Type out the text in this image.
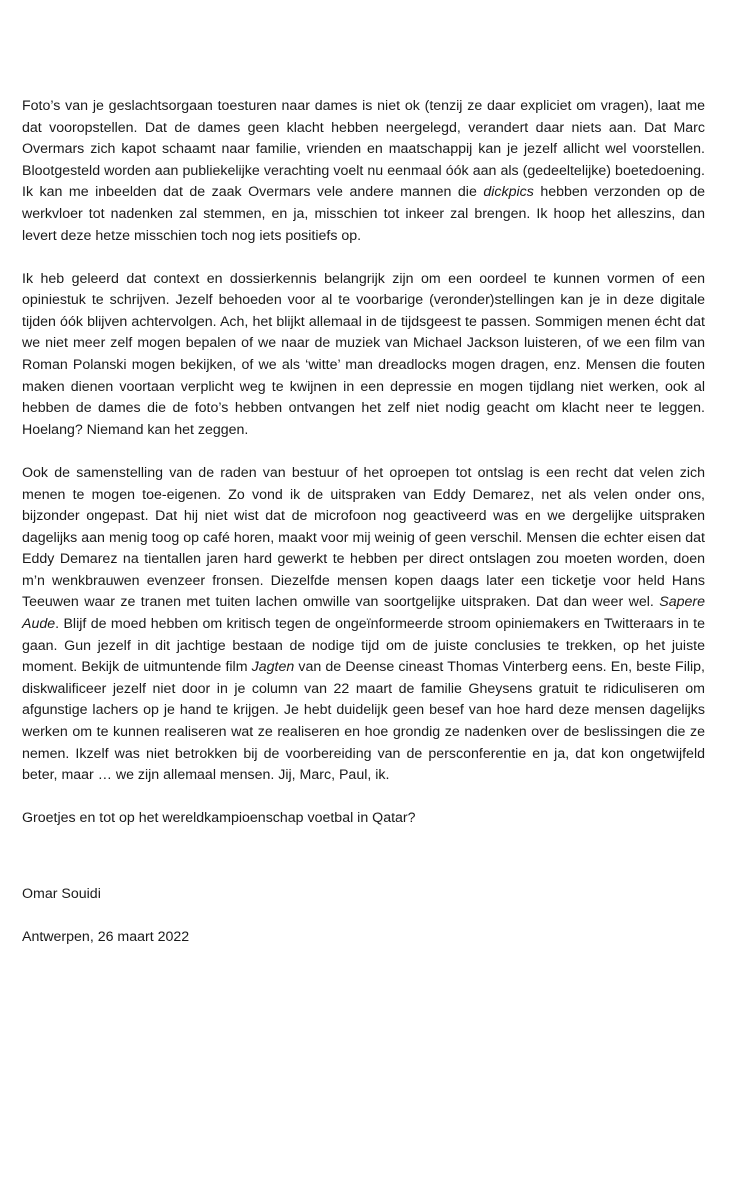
Foto’s van je geslachtsorgaan toesturen naar dames is niet ok (tenzij ze daar expliciet om vragen), laat me dat vooropstellen. Dat de dames geen klacht hebben neergelegd, verandert daar niets aan. Dat Marc Overmars zich kapot schaamt naar familie, vrienden en maatschappij kan je jezelf allicht wel voorstellen. Blootgesteld worden aan publiekelijke verachting voelt nu eenmaal óók aan als (gedeeltelijke) boetedoening. Ik kan me inbeelden dat de zaak Overmars vele andere mannen die dickpics hebben verzonden op de werkvloer tot nadenken zal stemmen, en ja, misschien tot inkeer zal brengen. Ik hoop het alleszins, dan levert deze hetze misschien toch nog iets positiefs op.

Ik heb geleerd dat context en dossierkennis belangrijk zijn om een oordeel te kunnen vormen of een opiniestuk te schrijven. Jezelf behoeden voor al te voorbarige (veronder)stellingen kan je in deze digitale tijden óók blijven achtervolgen. Ach, het blijkt allemaal in de tijdsgeest te passen. Sommigen menen écht dat we niet meer zelf mogen bepalen of we naar de muziek van Michael Jackson luisteren, of we een film van Roman Polanski mogen bekijken, of we als ‘witte’ man dreadlocks mogen dragen, enz. Mensen die fouten maken dienen voortaan verplicht weg te kwijnen in een depressie en mogen tijdlang niet werken, ook al hebben de dames die de foto’s hebben ontvangen het zelf niet nodig geacht om klacht neer te leggen. Hoelang? Niemand kan het zeggen.

Ook de samenstelling van de raden van bestuur of het oproepen tot ontslag is een recht dat velen zich menen te mogen toe-eigenen. Zo vond ik de uitspraken van Eddy Demarez, net als velen onder ons, bijzonder ongepast. Dat hij niet wist dat de microfoon nog geactiveerd was en we dergelijke uitspraken dagelijks aan menig toog op café horen, maakt voor mij weinig of geen verschil. Mensen die echter eisen dat Eddy Demarez na tientallen jaren hard gewerkt te hebben per direct ontslagen zou moeten worden, doen m’n wenkbrauwen evenzeer fronsen. Diezelfde mensen kopen daags later een ticketje voor held Hans Teeuwen waar ze tranen met tuiten lachen omwille van soortgelijke uitspraken. Dat dan weer wel. Sapere Aude. Blijf de moed hebben om kritisch tegen de ongeïnformeerde stroom opiniemakers en Twitteraars in te gaan. Gun jezelf in dit jachtige bestaan de nodige tijd om de juiste conclusies te trekken, op het juiste moment. Bekijk de uitmuntende film Jagten van de Deense cineast Thomas Vinterberg eens. En, beste Filip, diskwalificeer jezelf niet door in je column van 22 maart de familie Gheysens gratuit te ridiculiseren om afgunstige lachers op je hand te krijgen. Je hebt duidelijk geen besef van hoe hard deze mensen dagelijks werken om te kunnen realiseren wat ze realiseren en hoe grondig ze nadenken over de beslissingen die ze nemen. Ikzelf was niet betrokken bij de voorbereiding van de persconferentie en ja, dat kon ongetwijfeld beter, maar … we zijn allemaal mensen. Jij, Marc, Paul, ik.

Groetjes en tot op het wereldkampioenschap voetbal in Qatar?

Omar Souidi

Antwerpen, 26 maart 2022
